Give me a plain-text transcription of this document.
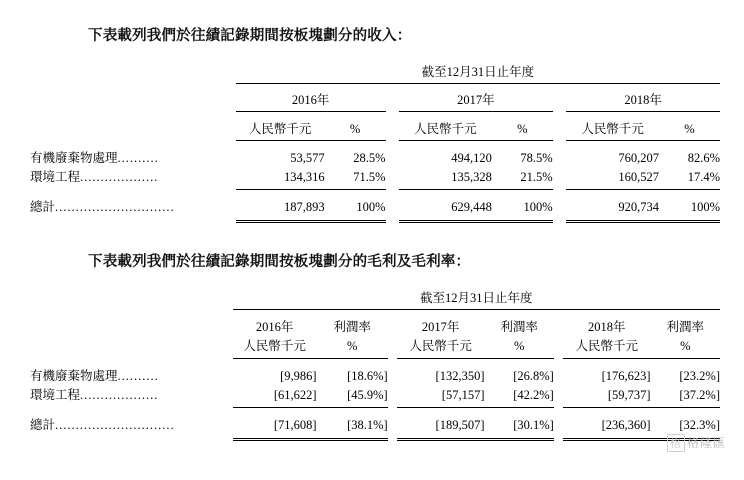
下表載列我們於往績記錄期間按板塊劃分的收入：
	截至12月31日止年度							

	2016年			2017年			2018年	

	人民幣千元	%		人民幣千元	%		人民幣千元	%

有機廢棄物處理..........	53,577	28.5%		494,120	78.5%		760,207	82.6%
環境工程...................	134,316	71.5%		135,328	21.5%		160,527	17.4%

總計.............................	187,893	100%		629,448	100%		920,734	100%

下表載列我們於往績記錄期間按板塊劃分的毛利及毛利率：
	截至12月31日止年度							

	2016年	利潤率		2017年	利潤率		2018年	利潤率
	人民幣千元	%		人民幣千元	%		人民幣千元	%

有機廢棄物處理..........	[9,986]	[18.6%]		[132,350]	[26.8%]		[176,623]	[23.2%]
環境工程...................	[61,622]	[45.9%]		[57,157]	[42.2%]		[59,737]	[37.2%]

總計.............................	[71,608]	[38.1%]		[189,507]	[30.1%]		[236,360]	[32.3%]

格 格隆匯
